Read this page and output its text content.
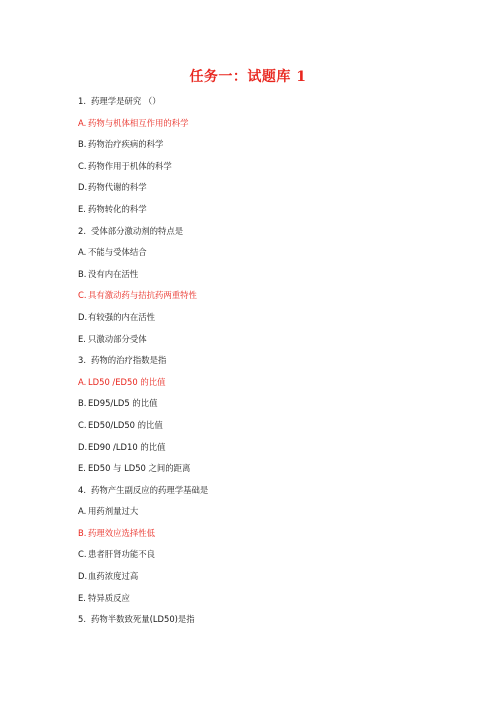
任务一：试题库 1
1. 药理学是研究 （）
A. 药物与机体相互作用的科学
B. 药物治疗疾病的科学
C.药物作用于机体的科学
D.药物代谢的科学
E. 药物转化的科学
2. 受体部分激动剂的特点是
A. 不能与受体结合
B. 没有内在活性
C.具有激动药与拮抗药两重特性
D.有较强的内在活性
E. 只激动部分受体
3. 药物的治疗指数是指
A. LD50 /ED50 的比值
B. ED95/LD5 的比值
C.ED50/LD50 的比值
D.ED90 /LD10 的比值
E. ED50 与 LD50 之间的距离
4. 药物产生副反应的药理学基础是
A. 用药剂量过大
B. 药理效应选择性低
C.患者肝肾功能不良
D.血药浓度过高
E. 特异质反应
5. 药物半数致死量(LD50)是指
